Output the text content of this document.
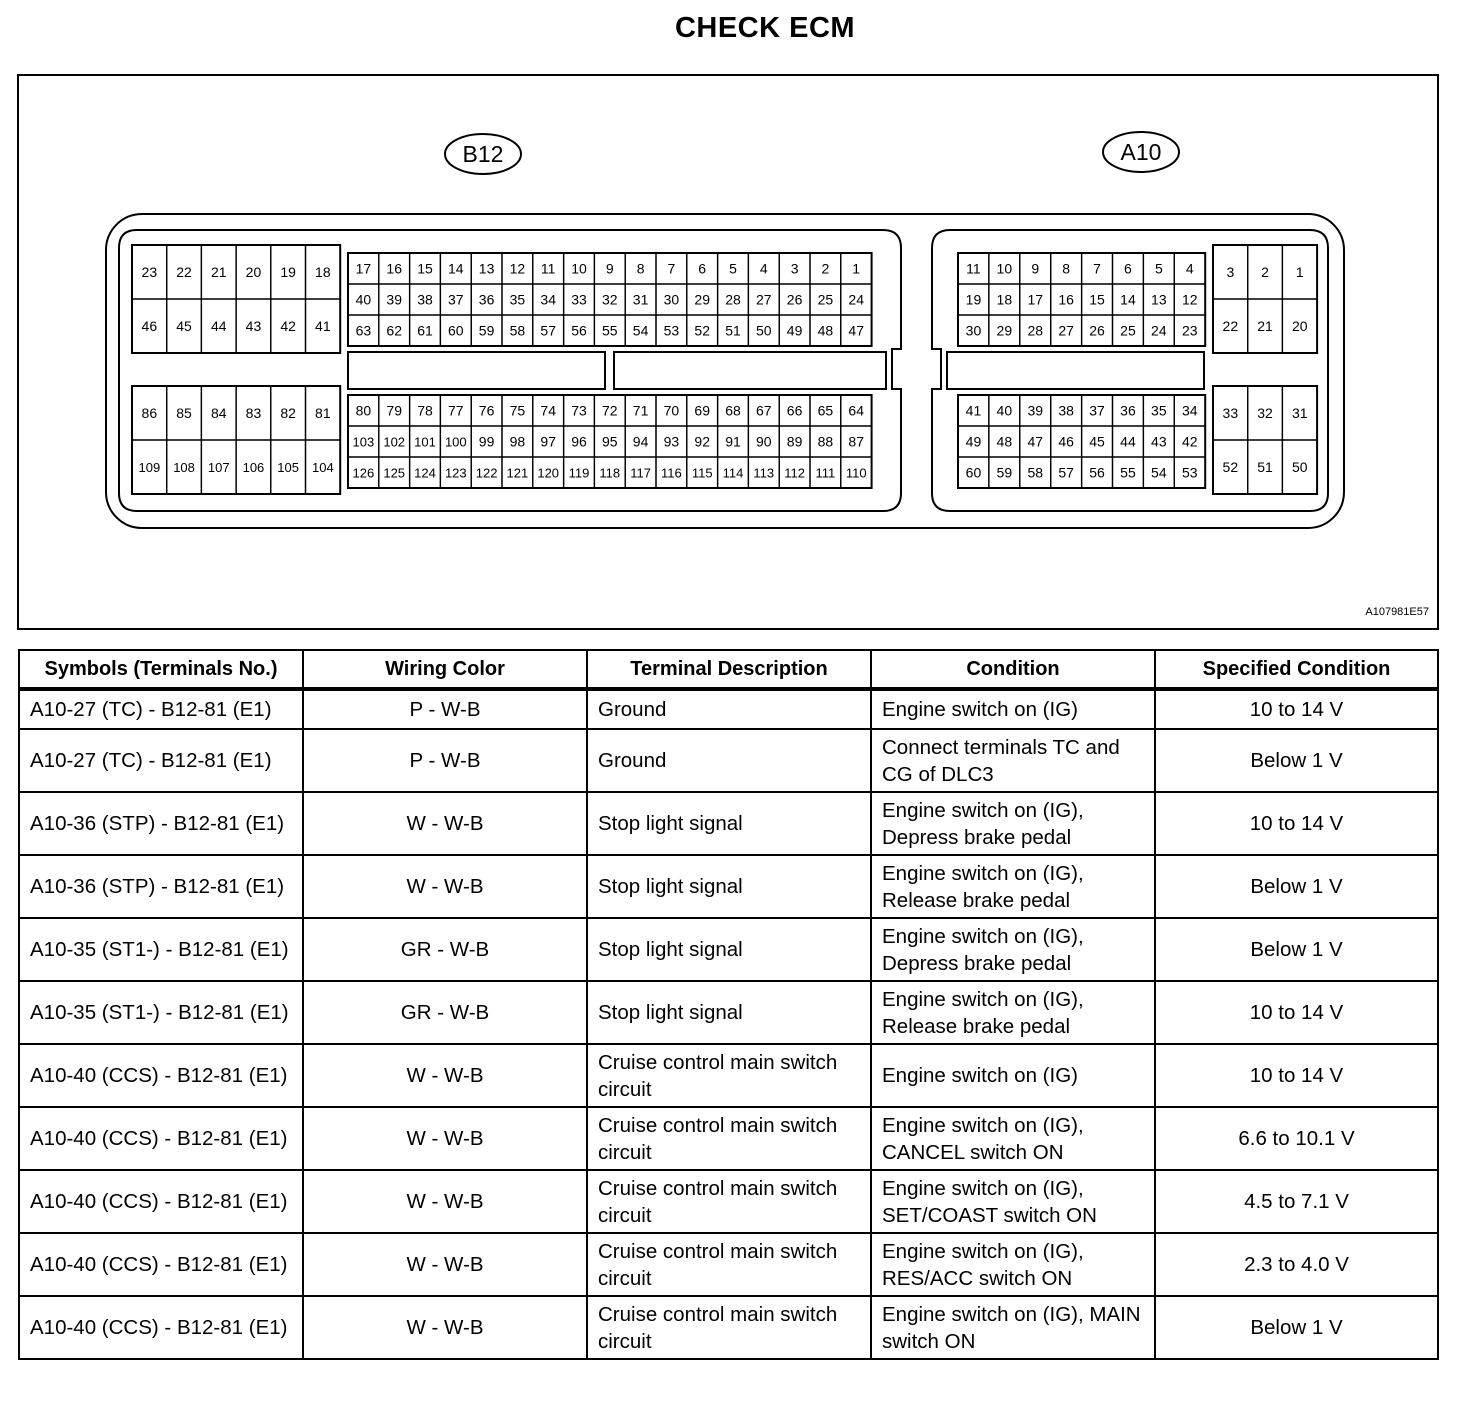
CHECK ECM
B12	A10
23 22 21 20 19 18
46 45 44 43 42 41
17 16 15 14 13 12 11 10 9 8 7 6 5 4 3 2 1
40 39 38 37 36 35 34 33 32 31 30 29 28 27 26 25 24
63 62 61 60 59 58 57 56 55 54 53 52 51 50 49 48 47
86 85 84 83 82 81
109 108 107 106 105 104
80 79 78 77 76 75 74 73 72 71 70 69 68 67 66 65 64
103 102 101 100 99 98 97 96 95 94 93 92 91 90 89 88 87
126 125 124 123 122 121 120 119 118 117 116 115 114 113 112 111 110
11 10 9 8 7 6 5 4
19 18 17 16 15 14 13 12
30 29 28 27 26 25 24 23
3 2 1
22 21 20
41 40 39 38 37 36 35 34
49 48 47 46 45 44 43 42
60 59 58 57 56 55 54 53
33 32 31
52 51 50
A107981E57
Symbols (Terminals No.)	Wiring Color	Terminal Description	Condition	Specified Condition
A10-27 (TC) - B12-81 (E1)	P - W-B	Ground	Engine switch on (IG)	10 to 14 V
A10-27 (TC) - B12-81 (E1)	P - W-B	Ground	Connect terminals TC and CG of DLC3	Below 1 V
A10-36 (STP) - B12-81 (E1)	W - W-B	Stop light signal	Engine switch on (IG), Depress brake pedal	10 to 14 V
A10-36 (STP) - B12-81 (E1)	W - W-B	Stop light signal	Engine switch on (IG), Release brake pedal	Below 1 V
A10-35 (ST1-) - B12-81 (E1)	GR - W-B	Stop light signal	Engine switch on (IG), Depress brake pedal	Below 1 V
A10-35 (ST1-) - B12-81 (E1)	GR - W-B	Stop light signal	Engine switch on (IG), Release brake pedal	10 to 14 V
A10-40 (CCS) - B12-81 (E1)	W - W-B	Cruise control main switch circuit	Engine switch on (IG)	10 to 14 V
A10-40 (CCS) - B12-81 (E1)	W - W-B	Cruise control main switch circuit	Engine switch on (IG), CANCEL switch ON	6.6 to 10.1 V
A10-40 (CCS) - B12-81 (E1)	W - W-B	Cruise control main switch circuit	Engine switch on (IG), SET/COAST switch ON	4.5 to 7.1 V
A10-40 (CCS) - B12-81 (E1)	W - W-B	Cruise control main switch circuit	Engine switch on (IG), RES/ACC switch ON	2.3 to 4.0 V
A10-40 (CCS) - B12-81 (E1)	W - W-B	Cruise control main switch circuit	Engine switch on (IG), MAIN switch ON	Below 1 V
